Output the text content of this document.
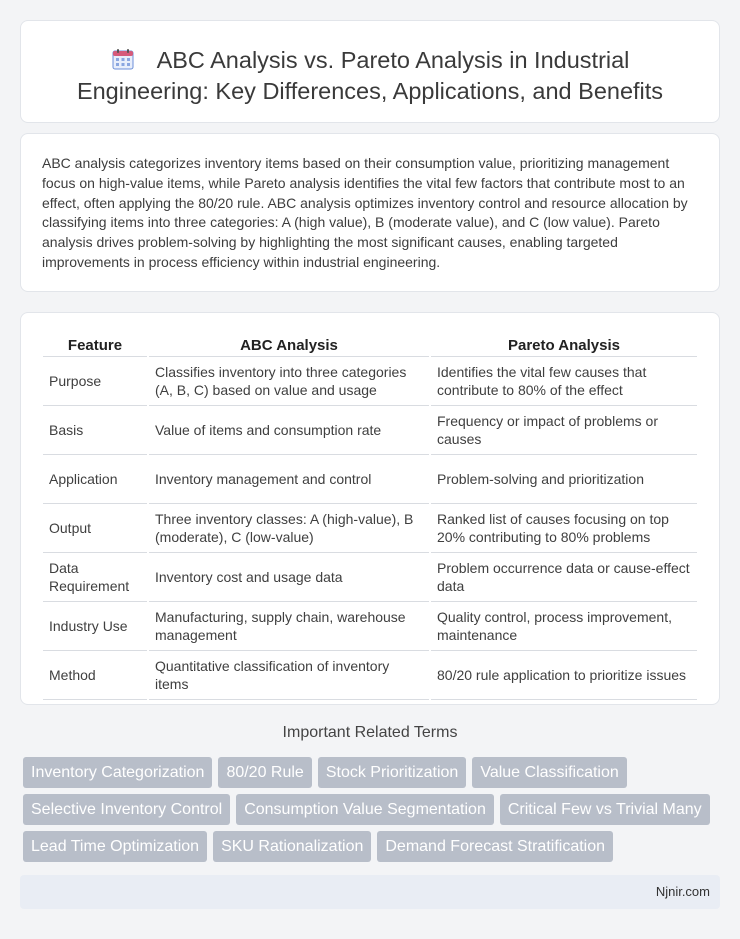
ABC Analysis vs. Pareto Analysis in Industrial
Engineering: Key Differences, Applications, and Benefits

ABC analysis categorizes inventory items based on their consumption value, prioritizing management focus on high-value items, while Pareto analysis identifies the vital few factors that contribute most to an effect, often applying the 80/20 rule. ABC analysis optimizes inventory control and resource allocation by classifying items into three categories: A (high value), B (moderate value), and C (low value). Pareto analysis drives problem-solving by highlighting the most significant causes, enabling targeted improvements in process efficiency within industrial engineering.

Feature	ABC Analysis	Pareto Analysis
Purpose	Classifies inventory into three categories (A, B, C) based on value and usage	Identifies the vital few causes that contribute to 80% of the effect
Basis	Value of items and consumption rate	Frequency or impact of problems or causes
Application	Inventory management and control	Problem-solving and prioritization
Output	Three inventory classes: A (high-value), B (moderate), C (low-value)	Ranked list of causes focusing on top 20% contributing to 80% problems
Data Requirement	Inventory cost and usage data	Problem occurrence data or cause-effect data
Industry Use	Manufacturing, supply chain, warehouse management	Quality control, process improvement, maintenance
Method	Quantitative classification of inventory items	80/20 rule application to prioritize issues
Important Related Terms
Inventory Categorization	80/20 Rule	Stock Prioritization	Value Classification
Selective Inventory Control	Consumption Value Segmentation	Critical Few vs Trivial Many
Lead Time Optimization	SKU Rationalization	Demand Forecast Stratification
Njnir.com
